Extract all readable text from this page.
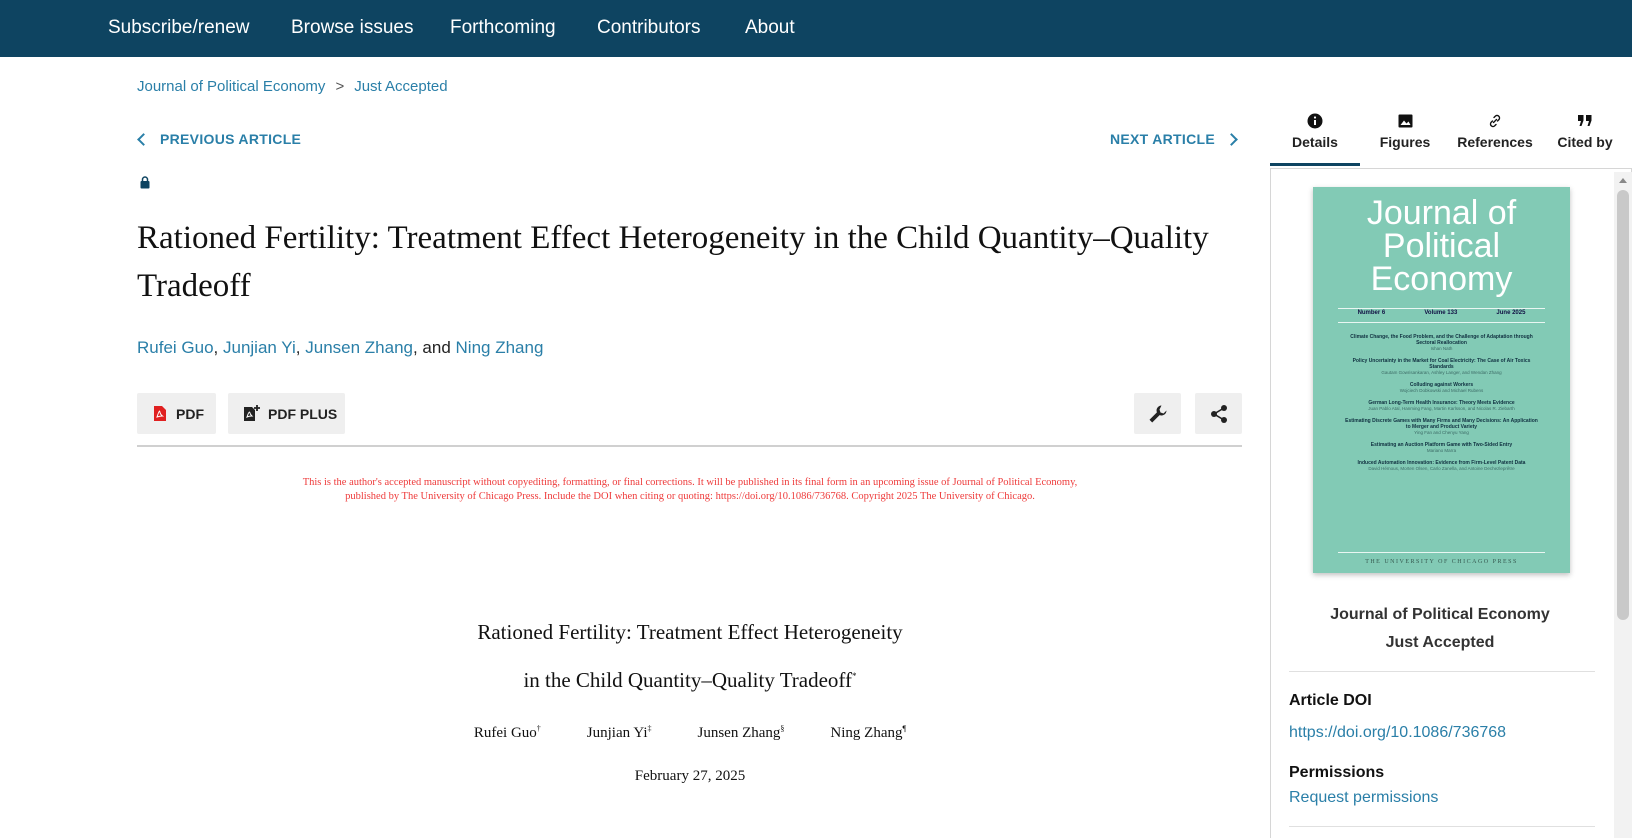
Subscribe/renew Browse issues Forthcoming Contributors About
Journal of Political Economy > Just Accepted
PREVIOUS ARTICLE	NEXT ARTICLE
Rationed Fertility: Treatment Effect Heterogeneity in the Child Quantity–Quality Tradeoff
Rufei Guo, Junjian Yi, Junsen Zhang, and Ning Zhang
PDF	PDF PLUS
This is the author's accepted manuscript without copyediting, formatting, or final corrections. It will be published in its final form in an upcoming issue of Journal of Political Economy, published by The University of Chicago Press. Include the DOI when citing or quoting: https://doi.org/10.1086/736768. Copyright 2025 The University of Chicago.
Rationed Fertility: Treatment Effect Heterogeneity
in the Child Quantity–Quality Tradeoff*
Rufei Guo†	Junjian Yi‡	Junsen Zhang§	Ning Zhang¶
February 27, 2025
Details	Figures	References	Cited by
Journal of
Political
Economy
Number 6	Volume 133	June 2025
Climate Change, the Food Problem, and the Challenge of Adaptation through Sectoral Reallocation
Ishan Nath
Policy Uncertainty in the Market for Coal Electricity: The Case of Air Toxics Standards
Gautam Gowrisankaran, Ashley Langer, and Wendan Zhang
Colluding against Workers
Wojciech Dobkowski and Michael Rubens
German Long-Term Health Insurance: Theory Meets Evidence
Juan Pablo Atal, Hanming Fang, Martin Karlsson, and Nicolas R. Ziebarth
Estimating Discrete Games with Many Firms and Many Decisions: An Application to Merger and Product Variety
Ying Fan and Chenyu Yang
Estimating an Auction Platform Game with Two-Sided Entry
Mariano Marra
Induced Automation Innovation: Evidence from Firm-Level Patent Data
David Hémous, Morten Olsen, Carlo Zanella, and Antoine Dechezleprêtre
THE UNIVERSITY OF CHICAGO PRESS
Journal of Political Economy
Just Accepted
Article DOI
https://doi.org/10.1086/736768
Permissions
Request permissions
